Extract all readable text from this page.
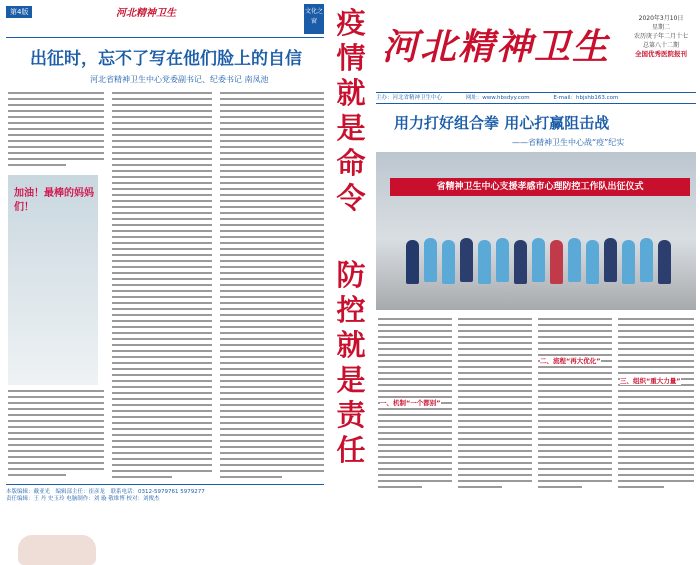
第4版	河北精神卫生	文化之窗
出征时，忘不了写在他们脸上的自信
河北省精神卫生中心党委副书记、纪委书记 南凤池
加油！最棒的妈妈们！
本版编辑：戴亚光　编辑部主任：崔彦龙　联系电话：0312-5979761 5979277
责任编辑：王 丹 史玉玲 电脑制作：刘 璇 敬维博 校对：刘俊杰
疫
情
就
是
命
令
防
控
就
是
责
任
河北精神卫生
2020年3月10日
星期二
农历庚子年二月十七
总第八十二期
全国优秀医院报刊
主办：河北省精神卫生中心	网址：www.hbsdyy.com	E-mail：hbjshb163.com
用力打好组合拳 用心打赢阻击战
——省精神卫生中心战“疫”纪实
省精神卫生中心支援孝感市心理防控工作队出征仪式
一、机制“一个都别”
二、流程“再大优化”
三、组织“重大力量”
